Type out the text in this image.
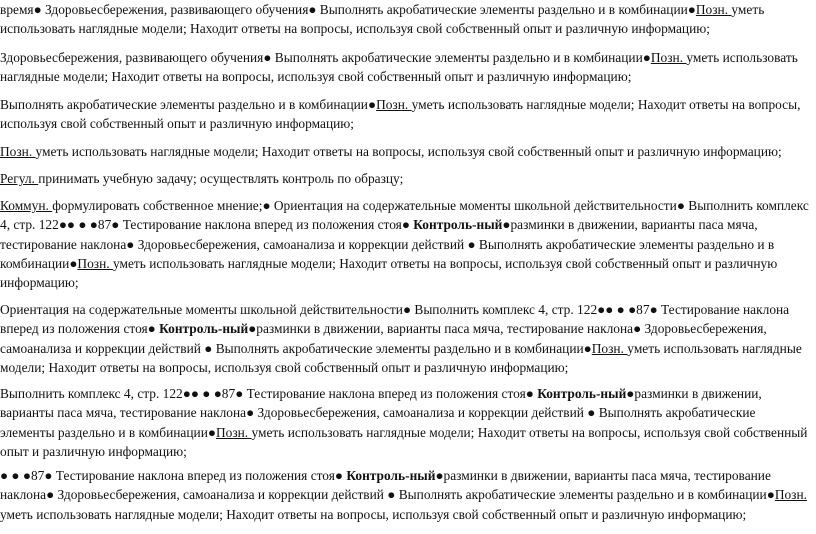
время● Здоровьесбережения, развивающего обучения● Выполнять акробатические элементы раздельно и в комбинации●Позн. уметь использовать наглядные модели; Находит ответы на вопросы, используя свой собственный опыт и различную информацию;

Здоровьесбережения, развивающего обучения● Выполнять акробатические элементы раздельно и в комбинации●Позн. уметь использовать наглядные модели; Находит ответы на вопросы, используя свой собственный опыт и различную информацию;

Выполнять акробатические элементы раздельно и в комбинации●Позн. уметь использовать наглядные модели; Находит ответы на вопросы, используя свой собственный опыт и различную информацию;

Позн. уметь использовать наглядные модели; Находит ответы на вопросы, используя свой собственный опыт и различную информацию;

Регул. принимать учебную задачу; осуществлять контроль по образцу;

Коммун. формулировать собственное мнение;● Ориентация на содержательные моменты школьной действительности● Выполнить комплекс 4, стр. 122●● ● ●87● Тестирование наклона вперед из положения стоя● Контроль-ный●разминки в движении, варианты паса мяча, тестирование наклона● Здоровьесбережения, самоанализа и коррекции действий ● Выполнять акробатические элементы раздельно и в комбинации●Позн. уметь использовать наглядные модели; Находит ответы на вопросы, используя свой собственный опыт и различную информацию;

Ориентация на содержательные моменты школьной действительности● Выполнить комплекс 4, стр. 122●● ● ●87● Тестирование наклона вперед из положения стоя● Контроль-ный●разминки в движении, варианты паса мяча, тестирование наклона● Здоровьесбережения, самоанализа и коррекции действий ● Выполнять акробатические элементы раздельно и в комбинации●Позн. уметь использовать наглядные модели; Находит ответы на вопросы, используя свой собственный опыт и различную информацию;

Выполнить комплекс 4, стр. 122●● ● ●87● Тестирование наклона вперед из положения стоя● Контроль-ный●разминки в движении, варианты паса мяча, тестирование наклона● Здоровьесбережения, самоанализа и коррекции действий ● Выполнять акробатические элементы раздельно и в комбинации●Позн. уметь использовать наглядные модели; Находит ответы на вопросы, используя свой собственный опыт и различную информацию;

● ● ●87● Тестирование наклона вперед из положения стоя● Контроль-ный●разминки в движении, варианты паса мяча, тестирование наклона● Здоровьесбережения, самоанализа и коррекции действий ● Выполнять акробатические элементы раздельно и в комбинации●Позн. уметь использовать наглядные модели; Находит ответы на вопросы, используя свой собственный опыт и различную информацию;
